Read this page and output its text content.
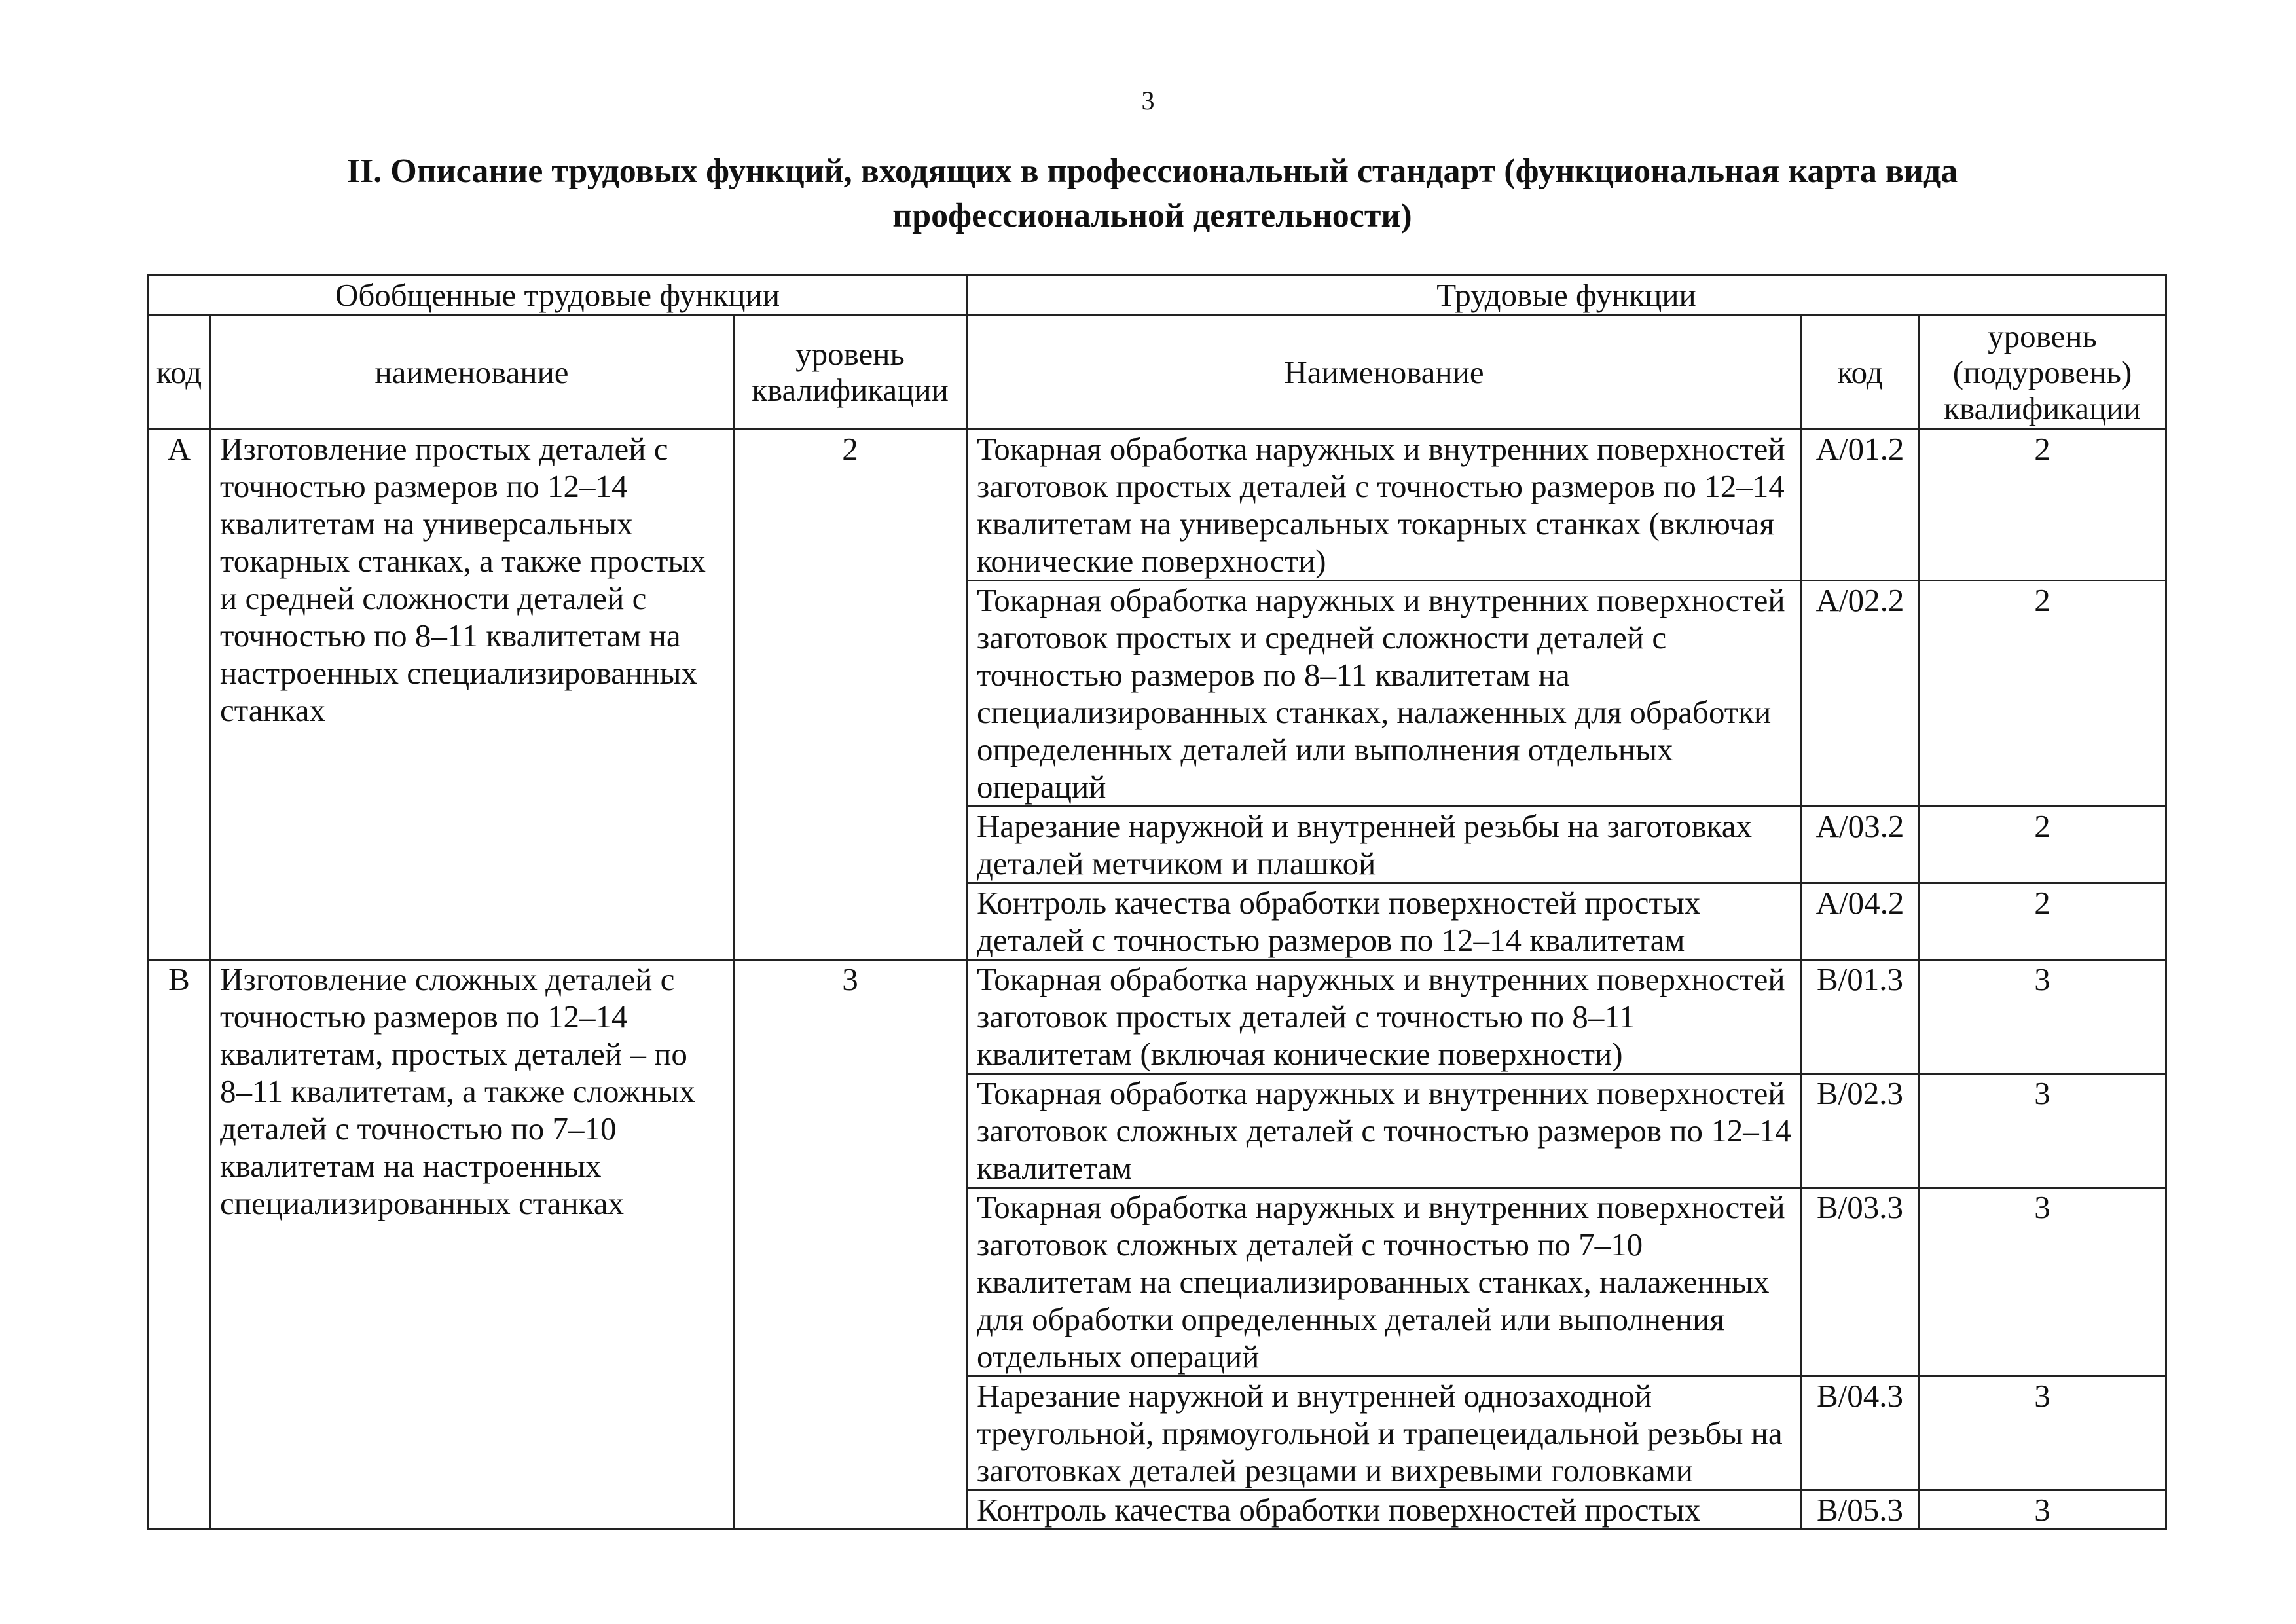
3
II. Описание трудовых функций, входящих в профессиональный стандарт (функциональная карта вида профессиональной деятельности)
Обобщенные трудовые функции			Трудовые функции		
код	наименование	уровень квалификации	Наименование	код	уровень (подуровень) квалификации
А	Изготовление простых деталей с точностью размеров по 12–14 квалитетам на универсальных токарных станках, а также простых и средней сложности деталей с точностью по 8–11 квалитетам на настроенных специализированных станках	2	Токарная обработка наружных и внутренних поверхностей заготовок простых деталей с точностью размеров по 12–14 квалитетам на универсальных токарных станках (включая конические поверхности)	А/01.2	2
			Токарная обработка наружных и внутренних поверхностей заготовок простых и средней сложности деталей с точностью размеров по 8–11 квалитетам на специализированных станках, налаженных для обработки определенных деталей или выполнения отдельных операций	А/02.2	2
			Нарезание наружной и внутренней резьбы на заготовках деталей метчиком и плашкой	А/03.2	2
			Контроль качества обработки поверхностей простых деталей с точностью размеров по 12–14 квалитетам	А/04.2	2
В	Изготовление сложных деталей с точностью размеров по 12–14 квалитетам, простых деталей – по 8–11 квалитетам, а также сложных деталей с точностью по 7–10 квалитетам на настроенных специализированных станках	3	Токарная обработка наружных и внутренних поверхностей заготовок простых деталей с точностью по 8–11 квалитетам (включая конические поверхности)	В/01.3	3
			Токарная обработка наружных и внутренних поверхностей заготовок сложных деталей с точностью размеров по 12–14 квалитетам	В/02.3	3
			Токарная обработка наружных и внутренних поверхностей заготовок сложных деталей с точностью по 7–10 квалитетам на специализированных станках, налаженных для обработки определенных деталей или выполнения отдельных операций	В/03.3	3
			Нарезание наружной и внутренней однозаходной треугольной, прямоугольной и трапецеидальной резьбы на заготовках деталей резцами и вихревыми головками	В/04.3	3
			Контроль качества обработки поверхностей простых	В/05.3	3
